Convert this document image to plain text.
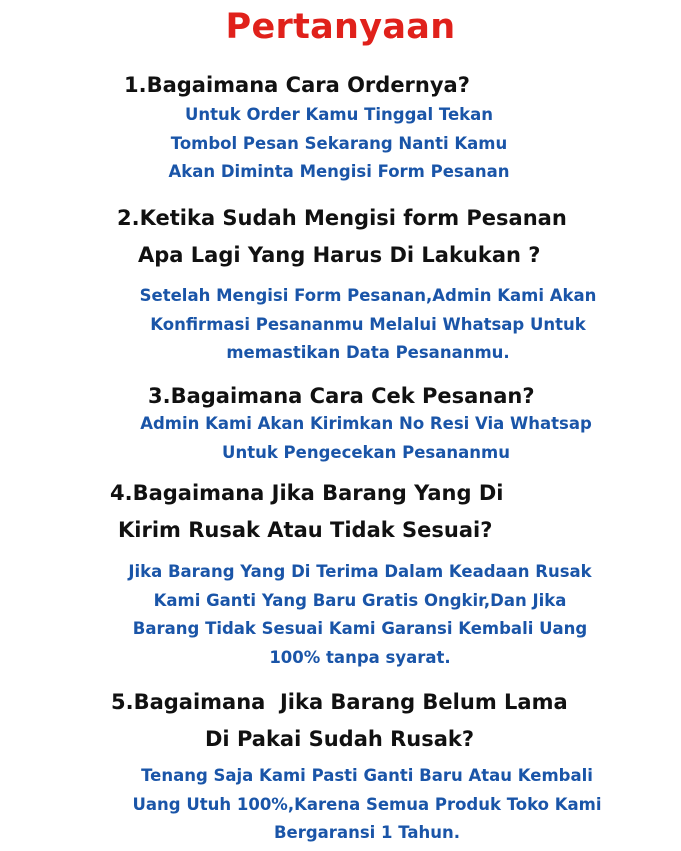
Pertanyaan
1.Bagaimana Cara Ordernya?
Untuk Order Kamu Tinggal Tekan
Tombol Pesan Sekarang Nanti Kamu
Akan Diminta Mengisi Form Pesanan
2.Ketika Sudah Mengisi form Pesanan
Apa Lagi Yang Harus Di Lakukan ?
Setelah Mengisi Form Pesanan,Admin Kami Akan
Konfirmasi Pesananmu Melalui Whatsap Untuk
memastikan Data Pesananmu.
3.Bagaimana Cara Cek Pesanan?
Admin Kami Akan Kirimkan No Resi Via Whatsap
Untuk Pengecekan Pesananmu
4.Bagaimana Jika Barang Yang Di
Kirim Rusak Atau Tidak Sesuai?
Jika Barang Yang Di Terima Dalam Keadaan Rusak
Kami Ganti Yang Baru Gratis Ongkir,Dan Jika
Barang Tidak Sesuai Kami Garansi Kembali Uang
100% tanpa syarat.
5.Bagaimana  Jika Barang Belum Lama
Di Pakai Sudah Rusak?
Tenang Saja Kami Pasti Ganti Baru Atau Kembali
Uang Utuh 100%,Karena Semua Produk Toko Kami
Bergaransi 1 Tahun.
